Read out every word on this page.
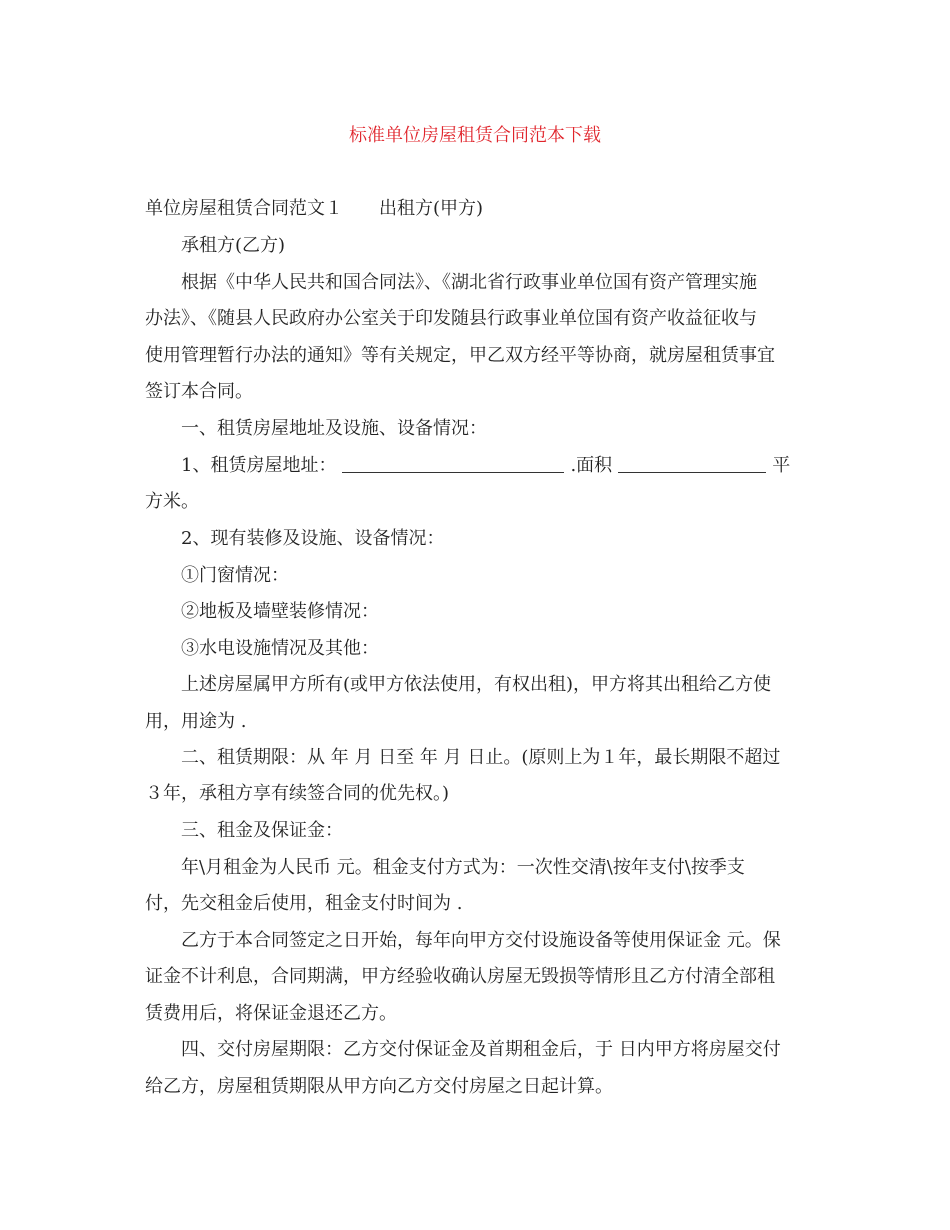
标准单位房屋租赁合同范本下载
单位房屋租赁合同范文１ 出租方(甲方)
承租方(乙方)
根据《中华人民共和国合同法》、《湖北省行政事业单位国有资产管理实施
办法》、《随县人民政府办公室关于印发随县行政事业单位国有资产收益征收与
使用管理暂行办法的通知》等有关规定，甲乙双方经平等协商，就房屋租赁事宜
签订本合同。
一、租赁房屋地址及设施、设备情况：
1、租赁房屋地址：	.面积	平
方米。
2、现有装修及设施、设备情况：
①门窗情况：
②地板及墙壁装修情况：
③水电设施情况及其他：
上述房屋属甲方所有(或甲方依法使用，有权出租)，甲方将其出租给乙方使
用，用途为 .
二、租赁期限：从 年 月 日至 年 月 日止。(原则上为１年，最长期限不超过
３年，承租方享有续签合同的优先权。)
三、租金及保证金：
年\月租金为人民币 元。租金支付方式为：一次性交清\按年支付\按季支
付，先交租金后使用，租金支付时间为 .
乙方于本合同签定之日开始，每年向甲方交付设施设备等使用保证金 元。保
证金不计利息，合同期满，甲方经验收确认房屋无毁损等情形且乙方付清全部租
赁费用后，将保证金退还乙方。
四、交付房屋期限：乙方交付保证金及首期租金后，于 日内甲方将房屋交付
给乙方，房屋租赁期限从甲方向乙方交付房屋之日起计算。
